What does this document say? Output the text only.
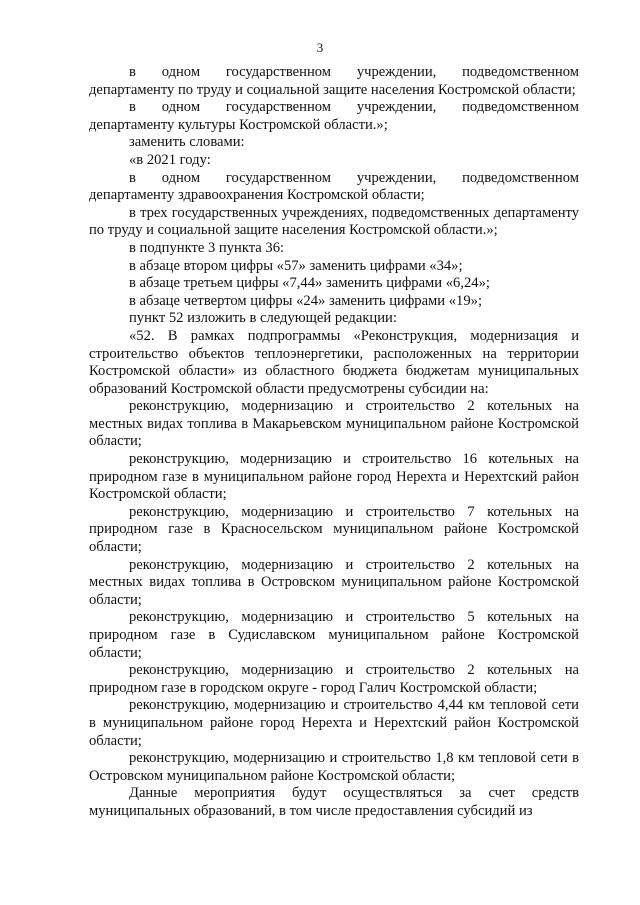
3

в одном государственном учреждении, подведомственном департаменту по труду и социальной защите населения Костромской области;

в одном государственном учреждении, подведомственном департаменту культуры Костромской области.»;

заменить словами:

«в 2021 году:

в одном государственном учреждении, подведомственном департаменту здравоохранения Костромской области;

в трех государственных учреждениях, подведомственных департаменту по труду и социальной защите населения Костромской области.»;

в подпункте 3 пункта 36:

в абзаце втором цифры «57» заменить цифрами «34»;

в абзаце третьем цифры «7,44» заменить цифрами «6,24»;

в абзаце четвертом цифры «24» заменить цифрами «19»;

пункт 52 изложить в следующей редакции:

«52. В рамках подпрограммы «Реконструкция, модернизация и строительство объектов теплоэнергетики, расположенных на территории Костромской области» из областного бюджета бюджетам муниципальных образований Костромской области предусмотрены субсидии на:

реконструкцию, модернизацию и строительство 2 котельных на местных видах топлива в Макарьевском муниципальном районе Костромской области;

реконструкцию, модернизацию и строительство 16 котельных на природном газе в муниципальном районе город Нерехта и Нерехтский район Костромской области;

реконструкцию, модернизацию и строительство 7 котельных на природном газе в Красносельском муниципальном районе Костромской области;

реконструкцию, модернизацию и строительство 2 котельных на местных видах топлива в Островском муниципальном районе Костромской области;

реконструкцию, модернизацию и строительство 5 котельных на природном газе в Судиславском муниципальном районе Костромской области;

реконструкцию, модернизацию и строительство 2 котельных на природном газе в городском округе - город Галич Костромской области;

реконструкцию, модернизацию и строительство 4,44 км тепловой сети в муниципальном районе город Нерехта и Нерехтский район Костромской области;

реконструкцию, модернизацию и строительство 1,8 км тепловой сети в Островском муниципальном районе Костромской области;

Данные мероприятия будут осуществляться за счет средств муниципальных образований, в том числе предоставления субсидий из
